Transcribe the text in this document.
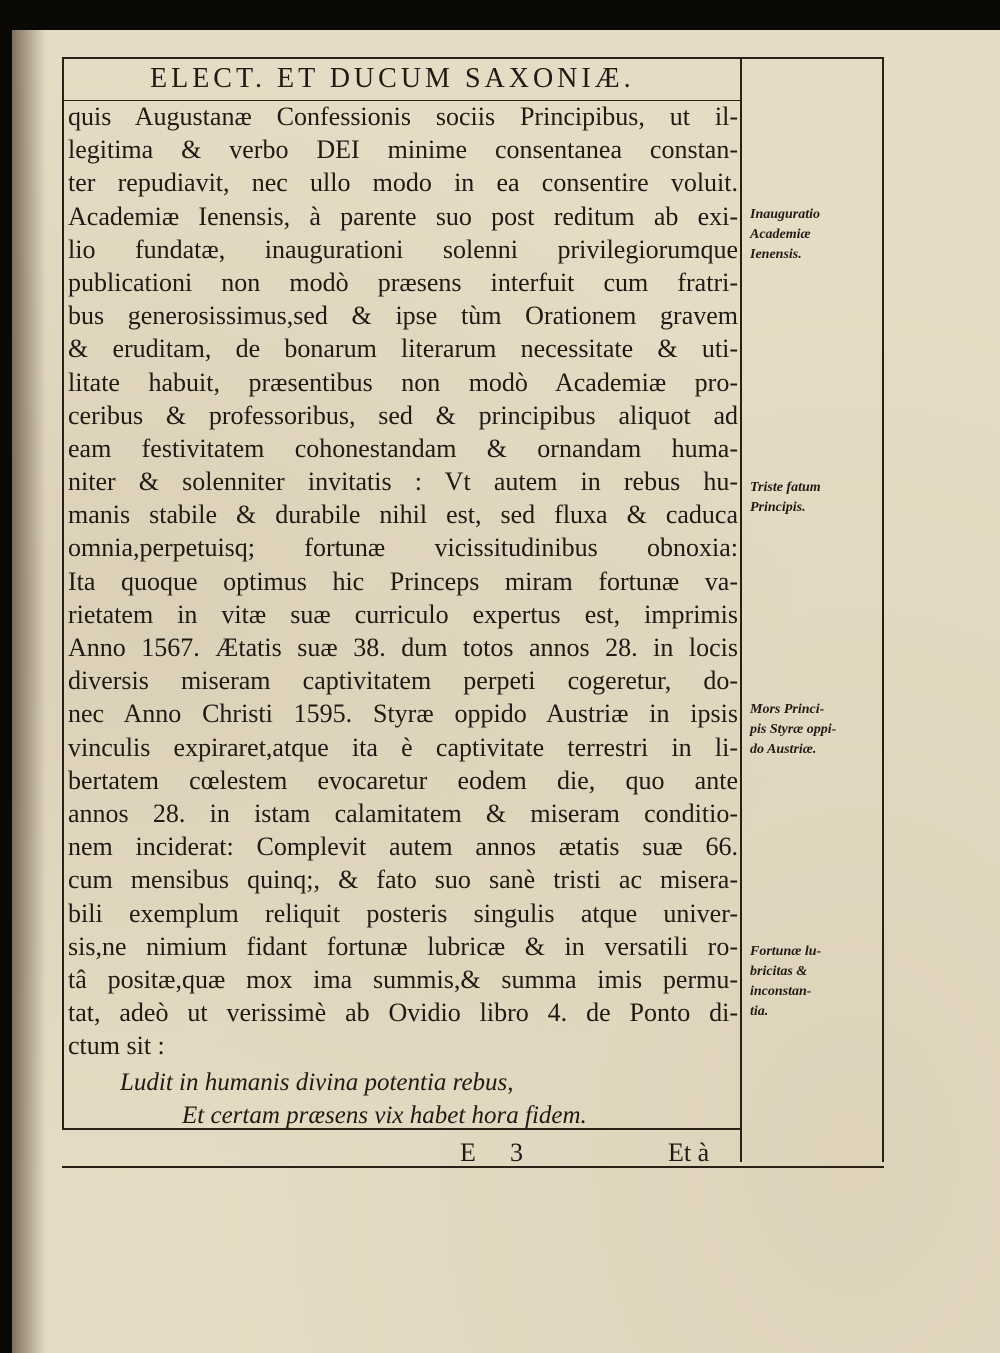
ELECT. ET DUCUM SAXONIÆ.
quis Augustanæ Confessionis sociis Principibus, ut il-
legitima & verbo DEI minime consentanea constan-
ter repudiavit, nec ullo modo in ea consentire voluit.
Academiæ Ienensis, à parente suo post reditum ab exi-
lio fundatæ, inaugurationi solenni privilegiorumque
publicationi non modò præsens interfuit cum fratri-
bus generosissimus,sed & ipse tùm Orationem gravem
& eruditam, de bonarum literarum necessitate & uti-
litate habuit, præsentibus non modò Academiæ pro-
ceribus & professoribus, sed & principibus aliquot ad
eam festivitatem cohonestandam & ornandam huma-
niter & solenniter invitatis : Vt autem in rebus hu-
manis stabile & durabile nihil est, sed fluxa & caduca
omnia,perpetuisq; fortunæ vicissitudinibus obnoxia:
Ita quoque optimus hic Princeps miram fortunæ va-
rietatem in vitæ suæ curriculo expertus est, imprimis
Anno 1567. Ætatis suæ 38. dum totos annos 28. in locis
diversis miseram captivitatem perpeti cogeretur, do-
nec Anno Christi 1595. Styræ oppido Austriæ in ipsis
vinculis expiraret,atque ita è captivitate terrestri in li-
bertatem cœlestem evocaretur eodem die, quo ante
annos 28. in istam calamitatem & miseram conditio-
nem inciderat: Complevit autem annos ætatis suæ 66.
cum mensibus quinq;, & fato suo sanè tristi ac misera-
bili exemplum reliquit posteris singulis atque univer-
sis,ne nimium fidant fortunæ lubricæ & in versatili ro-
tâ positæ,quæ mox ima summis,& summa imis permu-
tat, adeò ut verissimè ab Ovidio libro 4. de Ponto di-
ctum sit :
Ludit in humanis divina potentia rebus,
Et certam præsens vix habet hora fidem.
Inauguratio
Academiæ
Ienensis.
Triste fatum
Principis.
Mors Princi-
pis Styræ oppi-
do Austriæ.
Fortunæ lu-
bricitas &
inconstan-
tia.
E 3	Et à
